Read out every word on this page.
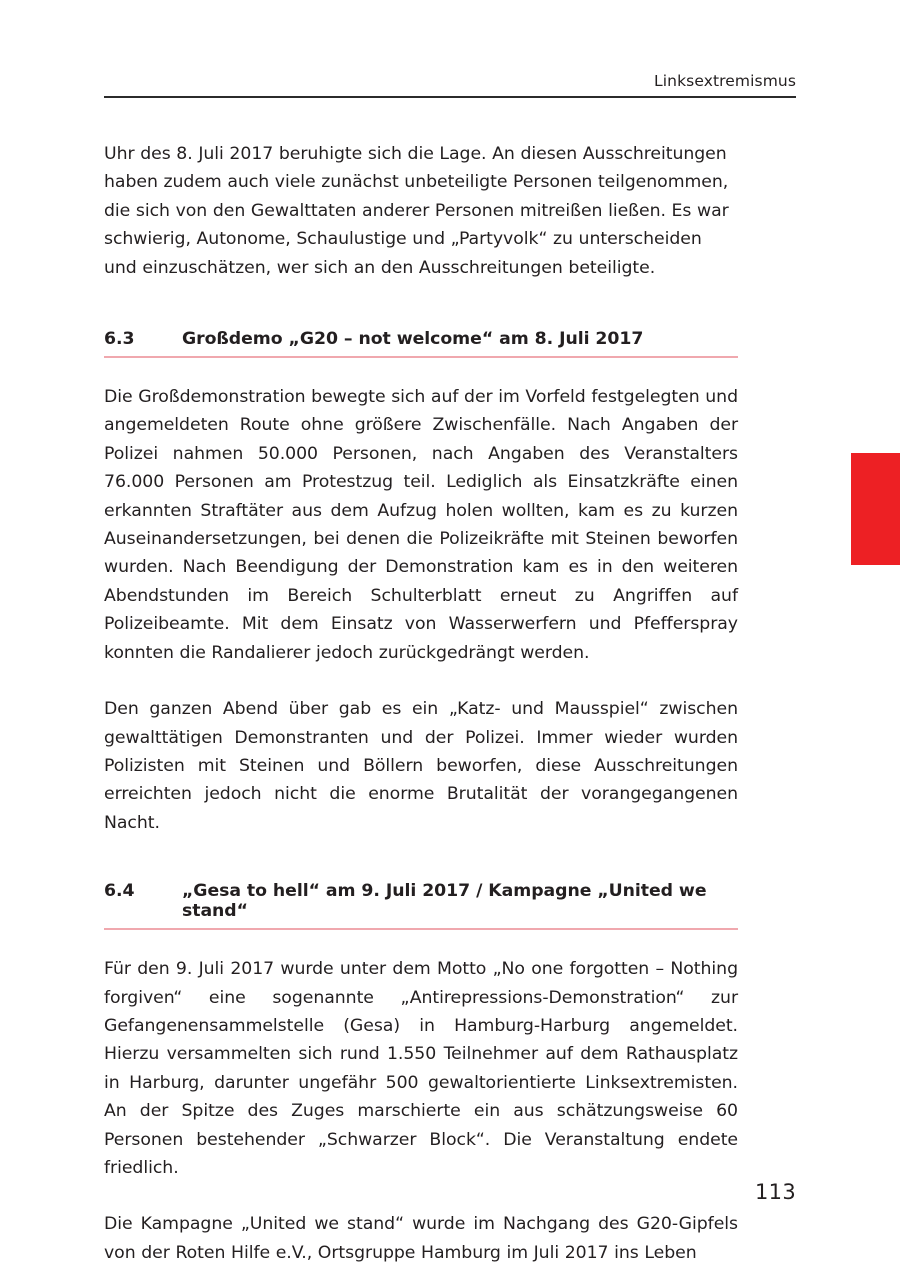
Linksextremismus

Uhr des 8. Juli 2017 beruhigte sich die Lage. An diesen Ausschreitungen haben zudem auch viele zunächst unbeteiligte Personen teilgenommen, die sich von den Gewalttaten anderer Personen mitreißen ließen. Es war schwierig, Autonome, Schaulustige und „Partyvolk“ zu unterscheiden und einzuschätzen, wer sich an den Ausschreitungen beteiligte.

6.3	Großdemo „G20 – not welcome“ am 8. Juli 2017

Die Großdemonstration bewegte sich auf der im Vorfeld festgelegten und angemeldeten Route ohne größere Zwischenfälle. Nach Angaben der Polizei nahmen 50.000 Personen, nach Angaben des Veranstalters 76.000 Personen am Protestzug teil. Lediglich als Einsatzkräfte einen erkannten Straftäter aus dem Aufzug holen wollten, kam es zu kurzen Auseinandersetzungen, bei denen die Polizeikräfte mit Steinen beworfen wurden. Nach Beendigung der Demonstration kam es in den weiteren Abendstunden im Bereich Schulterblatt erneut zu Angriffen auf Polizeibeamte. Mit dem Einsatz von Wasserwerfern und Pfefferspray konnten die Randalierer jedoch zurückgedrängt werden.

Den ganzen Abend über gab es ein „Katz- und Mausspiel“ zwischen gewalttätigen Demonstranten und der Polizei. Immer wieder wurden Polizisten mit Steinen und Böllern beworfen, diese Ausschreitungen erreichten jedoch nicht die enorme Brutalität der vorangegangenen Nacht.

6.4	„Gesa to hell“ am 9. Juli 2017 / Kampagne „United we stand“

Für den 9. Juli 2017 wurde unter dem Motto „No one forgotten – Nothing forgiven“ eine sogenannte „Antirepressions-Demonstration“ zur Gefangenensammelstelle (Gesa) in Hamburg-Harburg angemeldet. Hierzu versammelten sich rund 1.550 Teilnehmer auf dem Rathausplatz in Harburg, darunter ungefähr 500 gewaltorientierte Linksextremisten. An der Spitze des Zuges marschierte ein aus schätzungsweise 60 Personen bestehender „Schwarzer Block“. Die Veranstaltung endete friedlich.

Die Kampagne „United we stand“ wurde im Nachgang des G20-Gipfels von der Roten Hilfe e.V., Ortsgruppe Hamburg im Juli 2017 ins Leben

113
